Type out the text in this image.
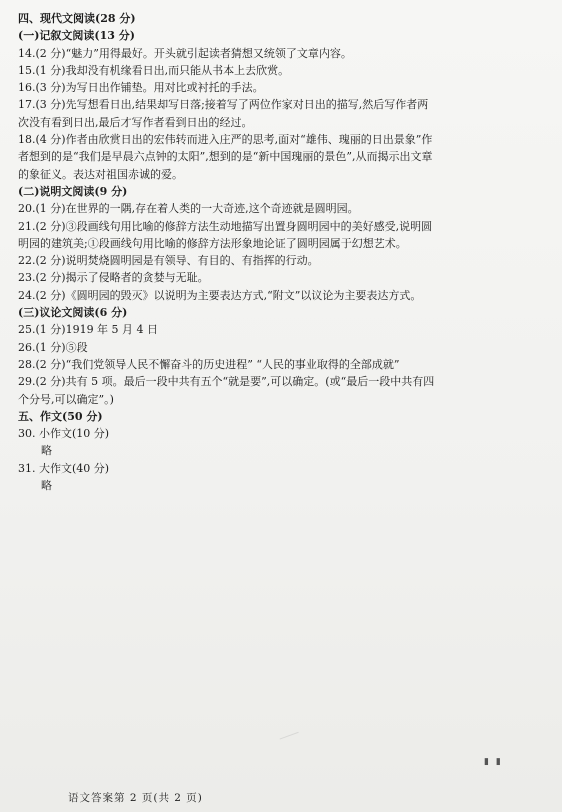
四、现代文阅读(28 分)
(一)记叙文阅读(13 分)
14.(2 分)“魅力”用得最好。开头就引起读者猜想又统领了文章内容。
15.(1 分)我却没有机缘看日出,而只能从书本上去欣赏。
16.(3 分)为写日出作铺垫。用对比或衬托的手法。
17.(3 分)先写想看日出,结果却写日落;接着写了两位作家对日出的描写,然后写作者两
次没有看到日出,最后才写作者看到日出的经过。
18.(4 分)作者由欣赏日出的宏伟转而进入庄严的思考,面对“雄伟、瑰丽的日出景象”作
者想到的是“我们是早晨六点钟的太阳”,想到的是“新中国瑰丽的景色”,从而揭示出文章
的象征义。表达对祖国赤诚的爱。
(二)说明文阅读(9 分)
20.(1 分)在世界的一隅,存在着人类的一大奇迹,这个奇迹就是圆明园。
21.(2 分)③段画线句用比喻的修辞方法生动地描写出置身圆明园中的美好感受,说明圆
明园的建筑美;①段画线句用比喻的修辞方法形象地论证了圆明园属于幻想艺术。
22.(2 分)说明焚烧圆明园是有领导、有目的、有指挥的行动。
23.(2 分)揭示了侵略者的贪婪与无耻。
24.(2 分)《圆明园的毁灭》以说明为主要表达方式,“附文”以议论为主要表达方式。
(三)议论文阅读(6 分)
25.(1 分)1919 年 5 月 4 日
26.(1 分)⑤段
28.(2 分)“我们党领导人民不懈奋斗的历史进程” “人民的事业取得的全部成就”
29.(2 分)共有 5 项。最后一段中共有五个“就是要”,可以确定。(或“最后一段中共有四
个分号,可以确定”。)
五、作文(50 分)
30. 小作文(10 分)
略
31. 大作文(40 分)
略
▮ ▮
语文答案第 2 页(共 2 页)
